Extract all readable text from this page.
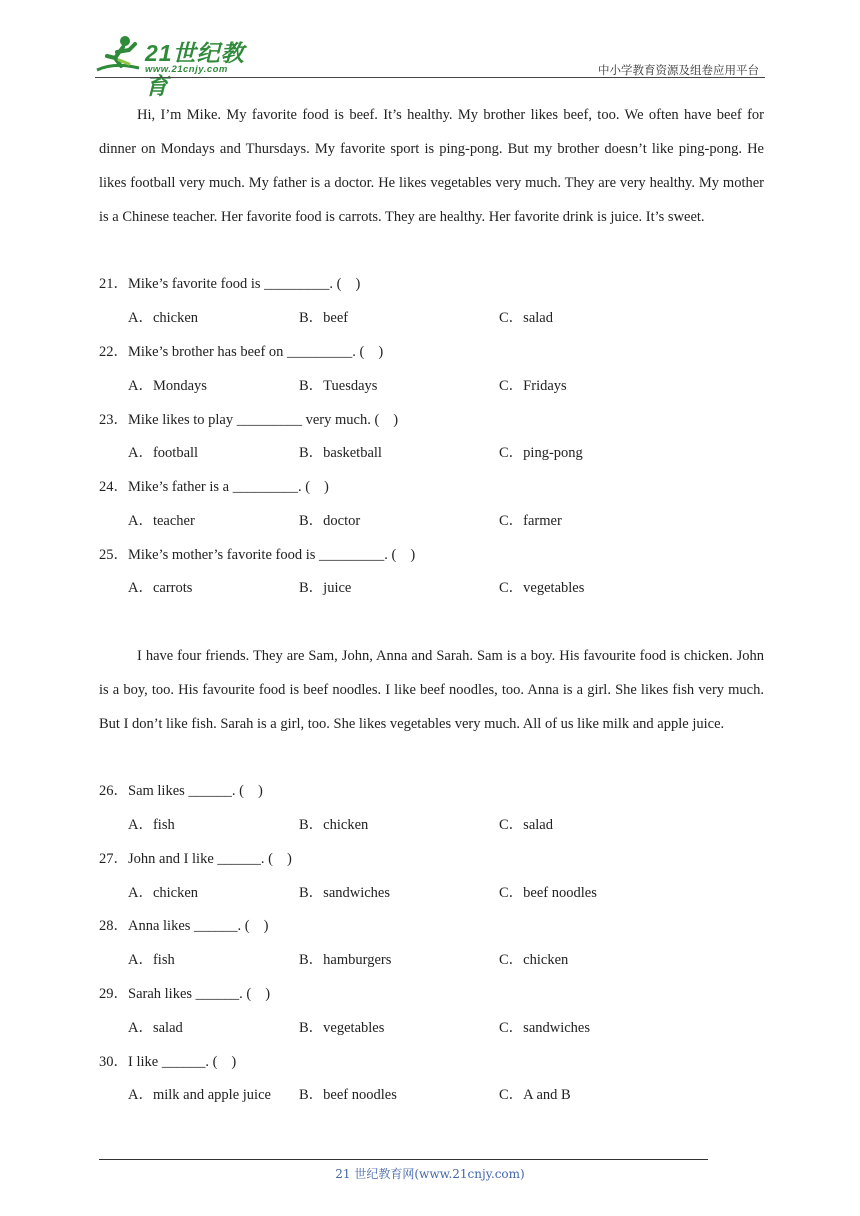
21世纪教育
www.21cnjy.com	中小学教育资源及组卷应用平台

Hi, I’m Mike. My favorite food is beef. It’s healthy. My brother likes beef, too. We often have beef for dinner on Mondays and Thursdays. My favorite sport is ping-pong. But my brother doesn’t like ping-pong. He likes football very much. My father is a doctor. He likes vegetables very much. They are very healthy. My mother is a Chinese teacher. Her favorite food is carrots. They are healthy. Her favorite drink is juice. It’s sweet.

21．Mike’s favorite food is _________. ( )
A．chicken	B．beef	C．salad
22．Mike’s brother has beef on _________. ( )
A．Mondays	B．Tuesdays	C．Fridays
23．Mike likes to play _________ very much. ( )
A．football	B．basketball	C．ping-pong
24．Mike’s father is a _________. ( )
A．teacher	B．doctor	C．farmer
25．Mike’s mother’s favorite food is _________. ( )
A．carrots	B．juice	C．vegetables

I have four friends. They are Sam, John, Anna and Sarah. Sam is a boy. His favourite food is chicken. John is a boy, too. His favourite food is beef noodles. I like beef noodles, too. Anna is a girl. She likes fish very much. But I don’t like fish. Sarah is a girl, too. She likes vegetables very much. All of us like milk and apple juice.

26．Sam likes ______. ( )
A．fish	B．chicken	C．salad
27．John and I like ______. ( )
A．chicken	B．sandwiches	C．beef noodles
28．Anna likes ______. ( )
A．fish	B．hamburgers	C．chicken
29．Sarah likes ______. ( )
A．salad	B．vegetables	C．sandwiches
30．I like ______. ( )
A．milk and apple juice B．beef noodles	C．A and B
21 世纪教育网(www.21cnjy.com)
